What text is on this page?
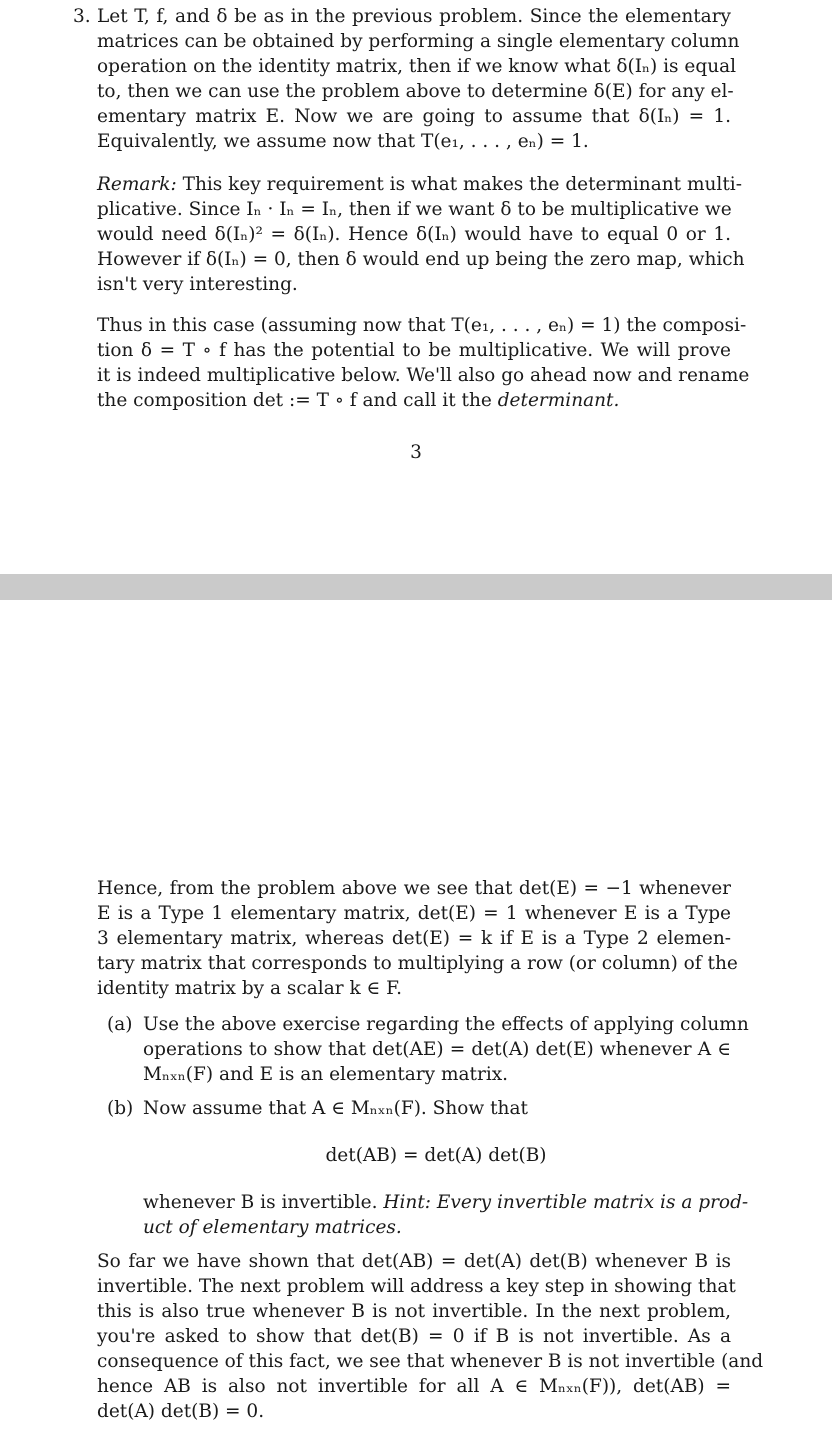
3. Let T, f, and δ be as in the previous problem. Since the elementary
matrices can be obtained by performing a single elementary column
operation on the identity matrix, then if we know what δ(Iₙ) is equal
to, then we can use the problem above to determine δ(E) for any el-
ementary matrix E. Now we are going to assume that δ(Iₙ) = 1.
Equivalently, we assume now that T(e₁, . . . , eₙ) = 1.
Remark: This key requirement is what makes the determinant multi-
plicative. Since Iₙ · Iₙ = Iₙ, then if we want δ to be multiplicative we
would need δ(Iₙ)² = δ(Iₙ). Hence δ(Iₙ) would have to equal 0 or 1.
However if δ(Iₙ) = 0, then δ would end up being the zero map, which
isn't very interesting.
Thus in this case (assuming now that T(e₁, . . . , eₙ) = 1) the composi-
tion δ = T ∘ f has the potential to be multiplicative. We will prove
it is indeed multiplicative below. We'll also go ahead now and rename
the composition det := T ∘ f and call it the determinant.
3
Hence, from the problem above we see that det(E) = −1 whenever
E is a Type 1 elementary matrix, det(E) = 1 whenever E is a Type
3 elementary matrix, whereas det(E) = k if E is a Type 2 elemen-
tary matrix that corresponds to multiplying a row (or column) of the
identity matrix by a scalar k ∈ F.
(a) Use the above exercise regarding the effects of applying column
operations to show that det(AE) = det(A) det(E) whenever A ∈
Mₙₓₙ(F) and E is an elementary matrix.
(b) Now assume that A ∈ Mₙₓₙ(F). Show that
det(AB) = det(A) det(B)
whenever B is invertible. Hint: Every invertible matrix is a prod-
uct of elementary matrices.
So far we have shown that det(AB) = det(A) det(B) whenever B is
invertible. The next problem will address a key step in showing that
this is also true whenever B is not invertible. In the next problem,
you're asked to show that det(B) = 0 if B is not invertible. As a
consequence of this fact, we see that whenever B is not invertible (and
hence AB is also not invertible for all A ∈ Mₙₓₙ(F)), det(AB) =
det(A) det(B) = 0.
